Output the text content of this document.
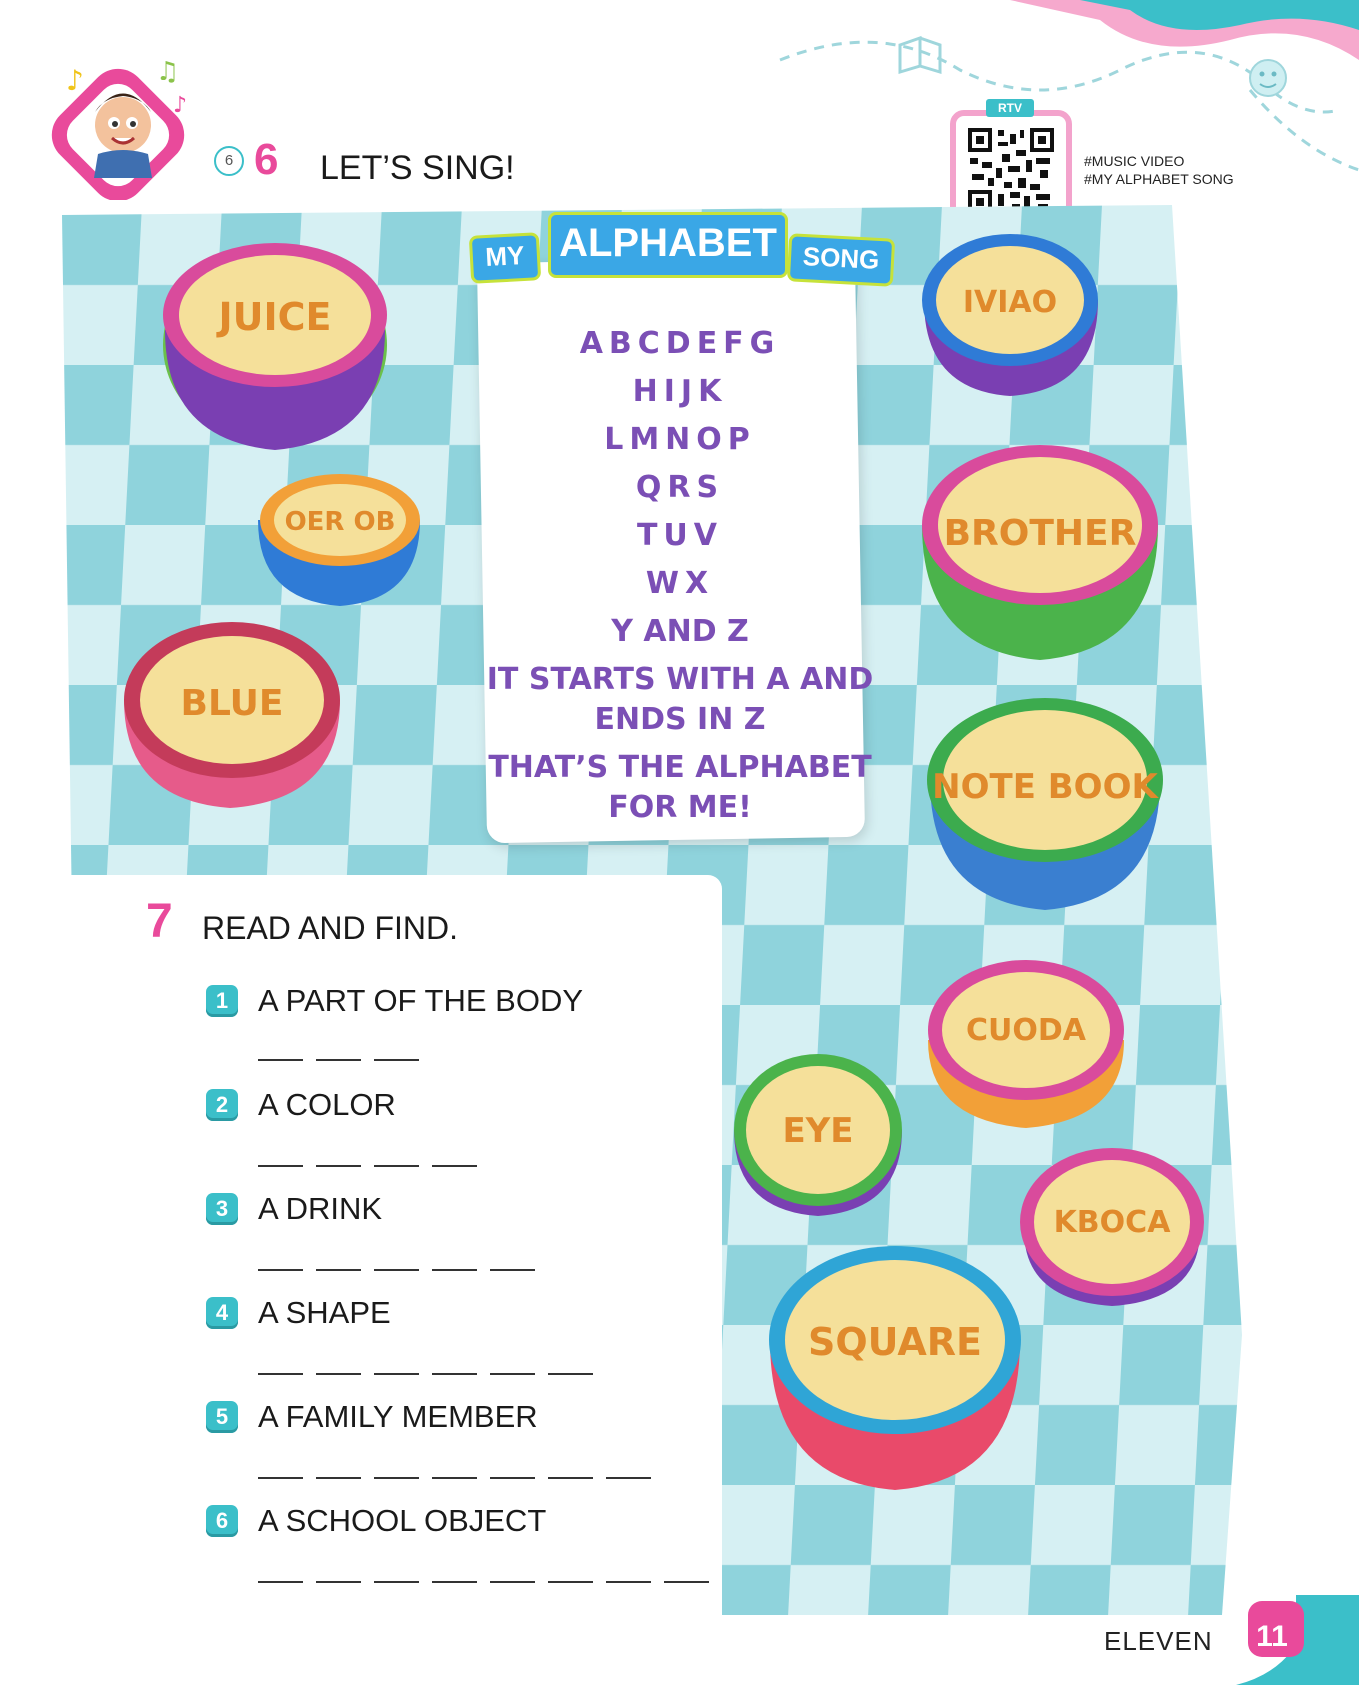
♪	♫
♪
6 6 LET’S SING!
RTV
#MUSIC VIDEO
#MY ALPHABET SONG
JUICE
OER OB
BLUE
IVIAO
BROTHER
NOTE BOOK
CUODA
EYE
KBOCA
SQUARE
MY ALPHABET SONG
ABCDEFG
HIJK
LMNOP
QRS
TUV
WX
Y AND Z
IT STARTS WITH A AND
ENDS IN Z
THAT’S THE ALPHABET
FOR ME!
7 READ AND FIND.
1 A PART OF THE BODY
2 A COLOR
3 A DRINK
4 A SHAPE
5 A FAMILY MEMBER
6 A SCHOOL OBJECT
ELEVEN 11
